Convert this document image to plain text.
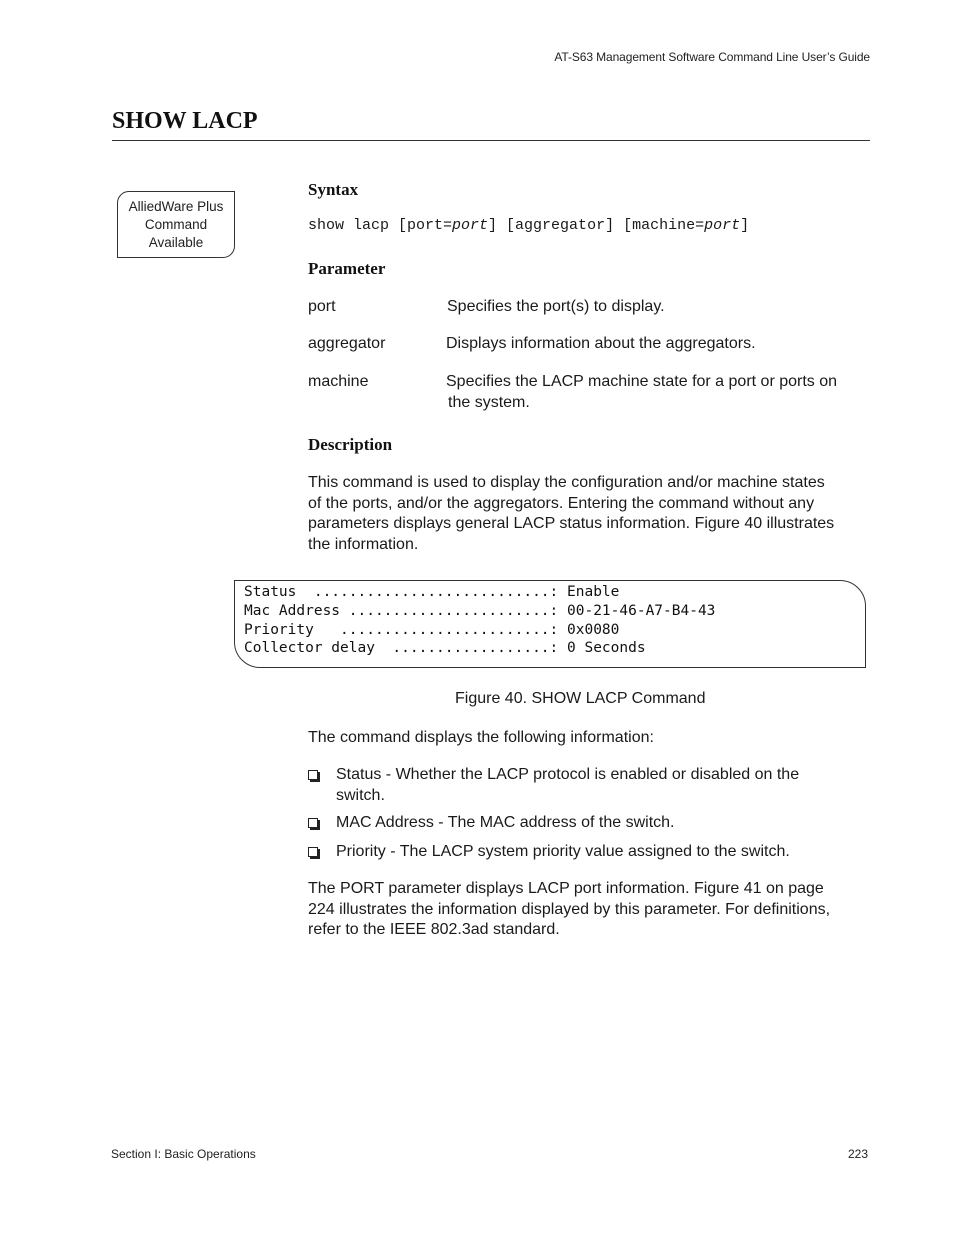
AT-S63 Management Software Command Line User’s Guide
SHOW LACP
AlliedWare Plus
Command
Available
Syntax
show lacp [port=port] [aggregator] [machine=port]
Parameter
port	Specifies the port(s) to display.
aggregator	Displays information about the aggregators.
machine	Specifies the LACP machine state for a port or ports on
the system.
Description
This command is used to display the configuration and/or machine states
of the ports, and/or the aggregators. Entering the command without any
parameters displays general LACP status information. Figure 40 illustrates
the information.
Status  ...........................: Enable
Mac Address .......................: 00-21-46-A7-B4-43
Priority   ........................: 0x0080
Collector delay  ..................: 0 Seconds
Figure 40. SHOW LACP Command
The command displays the following information:
Status - Whether the LACP protocol is enabled or disabled on the
switch.
MAC Address - The MAC address of the switch.
Priority - The LACP system priority value assigned to the switch.
The PORT parameter displays LACP port information. Figure 41 on page
224 illustrates the information displayed by this parameter. For definitions,
refer to the IEEE 802.3ad standard.
Section I: Basic Operations	223
